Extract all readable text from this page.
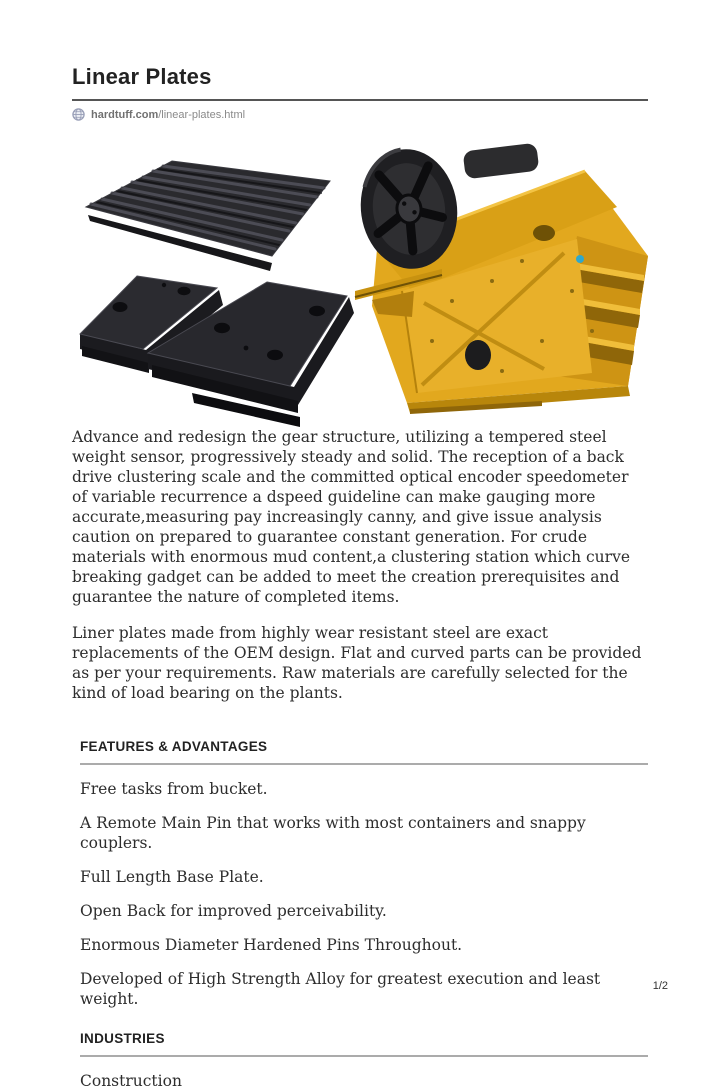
Linear Plates
hardtuff.com/linear-plates.html

Advance and redesign the gear structure, utilizing a tempered steel weight sensor, progressively steady and solid. The reception of a back drive clustering scale and the committed optical encoder speedometer of variable recurrence a dspeed guideline can make gauging more accurate,measuring pay increasingly canny, and give issue analysis caution on prepared to guarantee constant generation. For crude materials with enormous mud content,a clustering station which curve breaking gadget can be added to meet the creation prerequisites and guarantee the nature of completed items.

Liner plates made from highly wear resistant steel are exact replacements of the OEM design. Flat and curved parts can be provided as per your requirements. Raw materials are carefully selected for the kind of load bearing on the plants.

FEATURES & ADVANTAGES
Free tasks from bucket.
A Remote Main Pin that works with most containers and snappy couplers.
Full Length Base Plate.
Open Back for improved perceivability.
Enormous Diameter Hardened Pins Throughout.
Developed of High Strength Alloy for greatest execution and least weight.
INDUSTRIES
Construction
1/2
